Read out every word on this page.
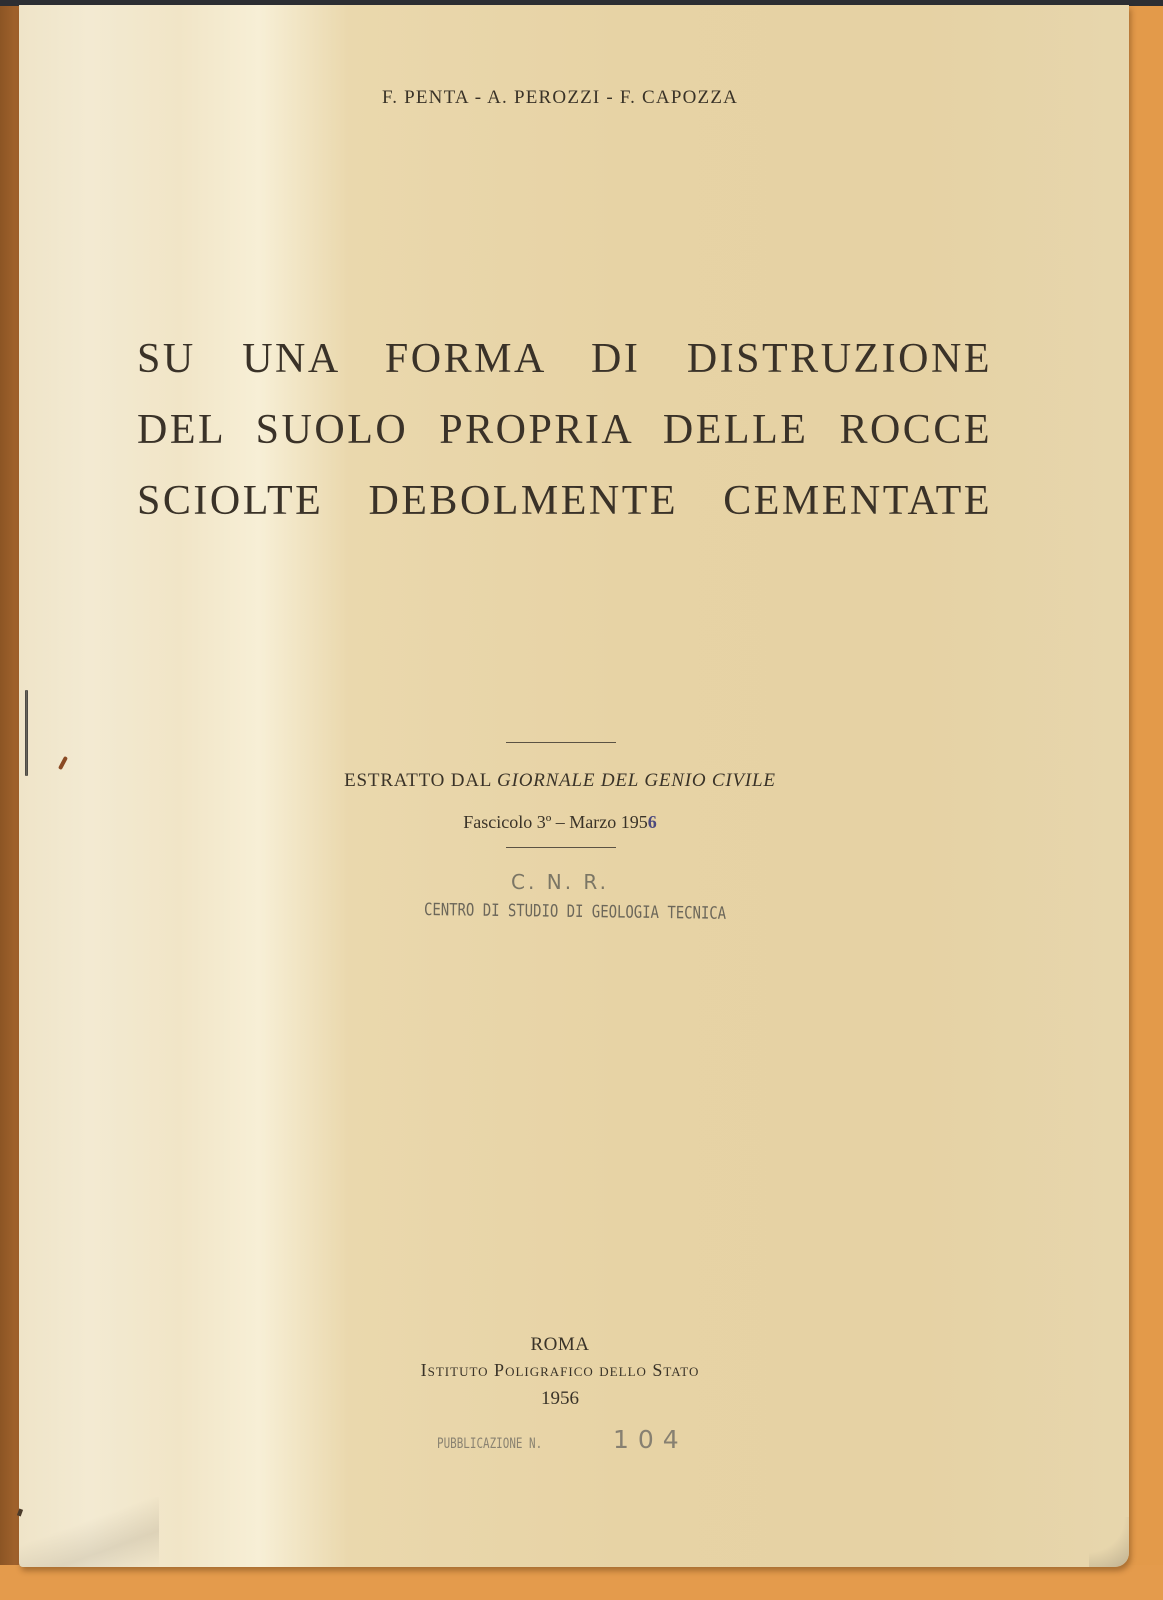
F. PENTA - A. PEROZZI - F. CAPOZZA
SU UNA FORMA DI DISTRUZIONE
DEL SUOLO PROPRIA DELLE ROCCE
SCIOLTE DEBOLMENTE CEMENTATE
ESTRATTO DAL GIORNALE DEL GENIO CIVILE
Fascicolo 3º – Marzo 1956
C. N. R.
CENTRO DI STUDIO DI GEOLOGIA TECNICA
ROMA
Istituto Poligrafico dello Stato
1956
PUBBLICAZIONE N.	104
